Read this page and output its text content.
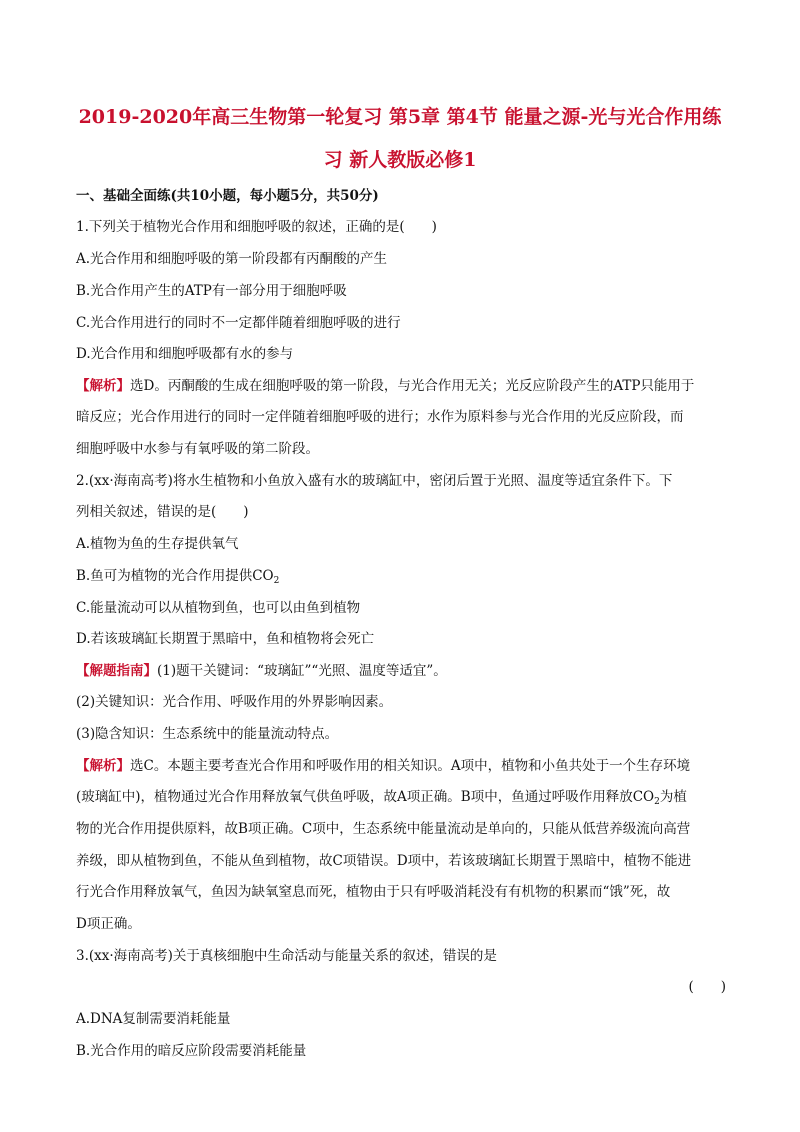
2019-2020年高三生物第一轮复习 第5章 第4节 能量之源-光与光合作用练
习 新人教版必修1
一、基础全面练(共10小题，每小题5分，共50分)
1.下列关于植物光合作用和细胞呼吸的叙述，正确的是(　　)
A.光合作用和细胞呼吸的第一阶段都有丙酮酸的产生
B.光合作用产生的ATP有一部分用于细胞呼吸
C.光合作用进行的同时不一定都伴随着细胞呼吸的进行
D.光合作用和细胞呼吸都有水的参与
【解析】选D。丙酮酸的生成在细胞呼吸的第一阶段，与光合作用无关；光反应阶段产生的ATP只能用于
暗反应；光合作用进行的同时一定伴随着细胞呼吸的进行；水作为原料参与光合作用的光反应阶段，而
细胞呼吸中水参与有氧呼吸的第二阶段。
2.(xx·海南高考)将水生植物和小鱼放入盛有水的玻璃缸中，密闭后置于光照、温度等适宜条件下。下
列相关叙述，错误的是(　　)
A.植物为鱼的生存提供氧气
B.鱼可为植物的光合作用提供$CO_2$
C.能量流动可以从植物到鱼，也可以由鱼到植物
D.若该玻璃缸长期置于黑暗中，鱼和植物将会死亡
【解题指南】(1)题干关键词：“玻璃缸”“光照、温度等适宜”。
(2)关键知识：光合作用、呼吸作用的外界影响因素。
(3)隐含知识：生态系统中的能量流动特点。
【解析】选C。本题主要考查光合作用和呼吸作用的相关知识。A项中，植物和小鱼共处于一个生存环境
(玻璃缸中)，植物通过光合作用释放氧气供鱼呼吸，故A项正确。B项中，鱼通过呼吸作用释放$CO_2$为植
物的光合作用提供原料，故B项正确。C项中，生态系统中能量流动是单向的，只能从低营养级流向高营
养级，即从植物到鱼，不能从鱼到植物，故C项错误。D项中，若该玻璃缸长期置于黑暗中，植物不能进
行光合作用释放氧气，鱼因为缺氧窒息而死，植物由于只有呼吸消耗没有有机物的积累而“饿”死，故
D项正确。
3.(xx·海南高考)关于真核细胞中生命活动与能量关系的叙述，错误的是
(　　)
A.DNA复制需要消耗能量
B.光合作用的暗反应阶段需要消耗能量
